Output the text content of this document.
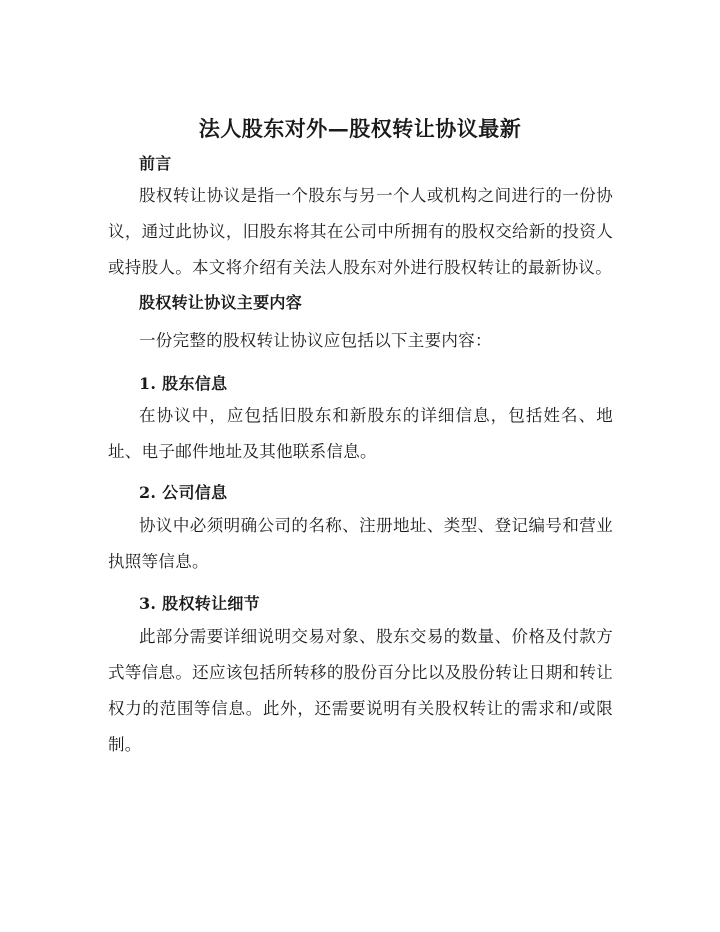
法人股东对外—股权转让协议最新
前言
股权转让协议是指一个股东与另一个人或机构之间进行的一份协议，通过此协议，旧股东将其在公司中所拥有的股权交给新的投资人或持股人。本文将介绍有关法人股东对外进行股权转让的最新协议。
股权转让协议主要内容
一份完整的股权转让协议应包括以下主要内容：
1. 股东信息
在协议中，应包括旧股东和新股东的详细信息，包括姓名、地址、电子邮件地址及其他联系信息。
2. 公司信息
协议中必须明确公司的名称、注册地址、类型、登记编号和营业执照等信息。
3. 股权转让细节
此部分需要详细说明交易对象、股东交易的数量、价格及付款方式等信息。还应该包括所转移的股份百分比以及股份转让日期和转让权力的范围等信息。此外，还需要说明有关股权转让的需求和/或限制。
